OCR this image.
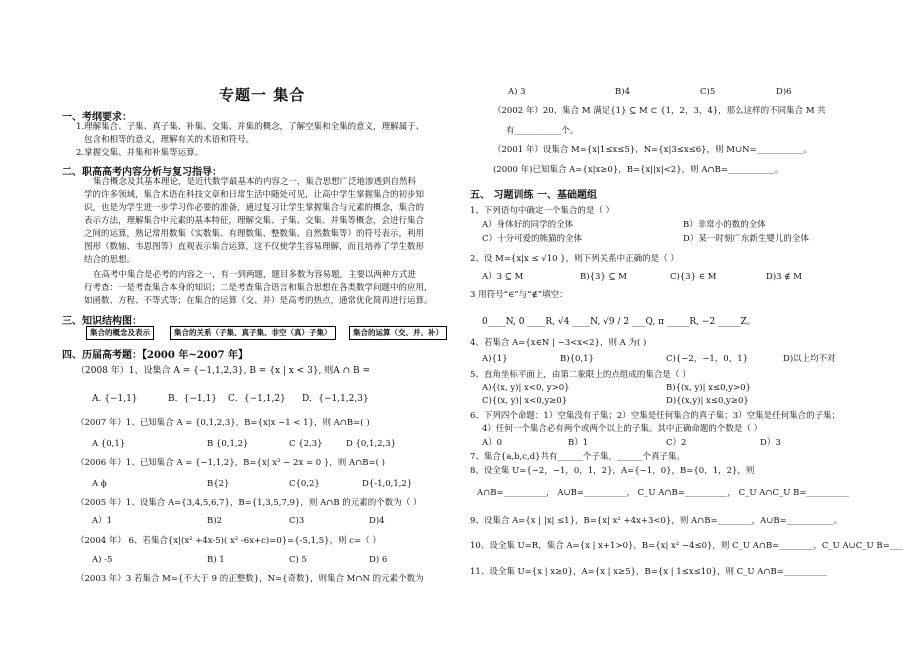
专题一 集合
一、考纲要求：
1.理解集合、子集、真子集、补集、交集、并集的概念，了解空集和全集的意义，理解属于、
包含和相等的意义，理解有关的术语和符号。
2.掌握交集、并集和补集等运算。
二、职高高考内容分析与复习指导：
集合概念及其基本理论，是近代数学最基本的内容之一，集合思想广泛地渗透到自然科
学的许多领域，集合术语在科技文章和日常生活中随处可见，让高中学生掌握集合的初步知
识，也是为学生进一步学习作必要的准备，通过复习让学生掌握集合与元素的概念，集合的
表示方法，理解集合中元素的基本特征，理解交集、子集、交集、并集等概念，会进行集合
之间的运算，熟记常用数集（实数集、有理数集、整数集、自然数集等）的符号表示，利用
图形（数轴、韦恩图等）直观表示集合运算，这不仅使学生容易理解，而且培养了学生数形
结合的思想。
在高考中集合是必考的内容之一，有一到两题，题目多数为容易题，主要以两种方式进
行考查：一是考查集合本身的知识；二是考查集合语言和集合思想在各类数学问题中的应用，
如函数、方程、不等式等；在集合的运算（交、并）是高考的热点，通常优化简再进行运算。
三、知识结构图：
集合的概念及表示	集合的关系（子集、真子集、非空（真）子集）	集合的运算（交、并、补）
四、历届高考题：【2000 年~2007 年】
（2008 年）1、设集合 A = {−1,1,2,3}, B = {x | x < 3}, 则A ∩ B =
A. {−1,1}	B．{−1,1} C．{−1,1,2} D．{−1,1,2,3}
（2007 年）1、已知集合 A = {0,1,2,3}，B={x|x −1 < 1}，则 A∩B=( )
A {0,1}	B {0,1,2}	C {2,3}	D {0,1,2,3}
（2006 年）1、已知集合 A = {−1,1,2}，B={x| x² − 2x = 0 }，则 A∩B=( )
A ϕ	B{2}	C{0,2}	D{-1,0,1,2}
（2005 年）1、设集合 A={3,4,5,6,7}，B={1,3,5,7,9}，则 A∩B 的元素的个数为（ ）
A）1	B)2	C)3	D)4
（2004 年） 6、若集合{x|(x² +4x-5)( x² -6x+c)=0}={-5,1,5}，则 c=（ ）
A) -5	B) 1	C) 5	D) 6
（2003 年）3 若集合 M={不大于 9 的正整数}，N={奇数}，则集合 M∩N 的元素个数为
A) 3	B)4	C)5	D)6
（2002 年）20、集合 M 满足{1} ⊆ M ⊂ {1，2，3，4}，那么这样的不同集合 M 共
有___________个。
（2001 年）设集合 M={x|1≤x≤5}，N={x|3≤x≤6}，则 M∪N=___________。
(2000 年)已知集合 A={x|x≥0}，B={x||x|<2}，则 A∩B=___________。
五、 习题训练 一、基础题组
1、下列语句中确定一个集合的是（ ）
A）身体好的同学的全体	B）非常小的数的全体
C）十分可爱的熊猫的全体	D）某一时刻广东新生婴儿的全体
2、设 M={x|x ≤ √10 }，则下列关系中正确的是（ ）
A）3 ⊆ M	B){3} ⊆ M	C){3} ∈ M	D)3 ∉ M
3 用符号“∈”与“∉”填空：
0____N, 0 ____R, √4 ____N, √9 / 2 ___Q, π _____R, −2 _____Z。
4、若集合 A={x∈N | −3<x<2}，则 A 为( )
A){1}	B){0,1}	C){−2，−1，0，1}	D)以上均不对
5、直角坐标平面上，由第二象限上的点组成的集合是（ ）
A){(x, y)| x<0, y>0}	B){(x, y)| x≤0,y>0}
C){(x, y)| x<0,y≥0}	D){(x,y)| x≤0,y≥0}
6、下列四个命题：1）空集没有子集；2）空集是任何集合的真子集；3）空集是任何集合的子集；
4）任何一个集合必有两个或两个以上的子集。其中正确命题的个数是（ ）
A）0	B）1	C）2	D）3
7、集合{a,b,c,d}共有______个子集，______个真子集。
8、设全集 U={−2，−1，0，1，2}，A={−1，0}，B={0，1，2}，则
A∩B=__________， A∪B=__________， C_U A∩B=__________， C_U A∩C_U B=__________
9、设集合 A={x | |x| ≤1}，B={x| x² +4x+3<0}，则 A∩B=________，A∪B=___________。
10、设全集 U=R，集合 A={x | x+1>0}，B={x| x² −4≤0}，则 C_U A∩B=________，C_U A∪C_U B=___
11、设全集 U={x | x≥0}，A={x | x≥5}，B={x | 1≤x≤10}，则 C_U A∩B=__________
